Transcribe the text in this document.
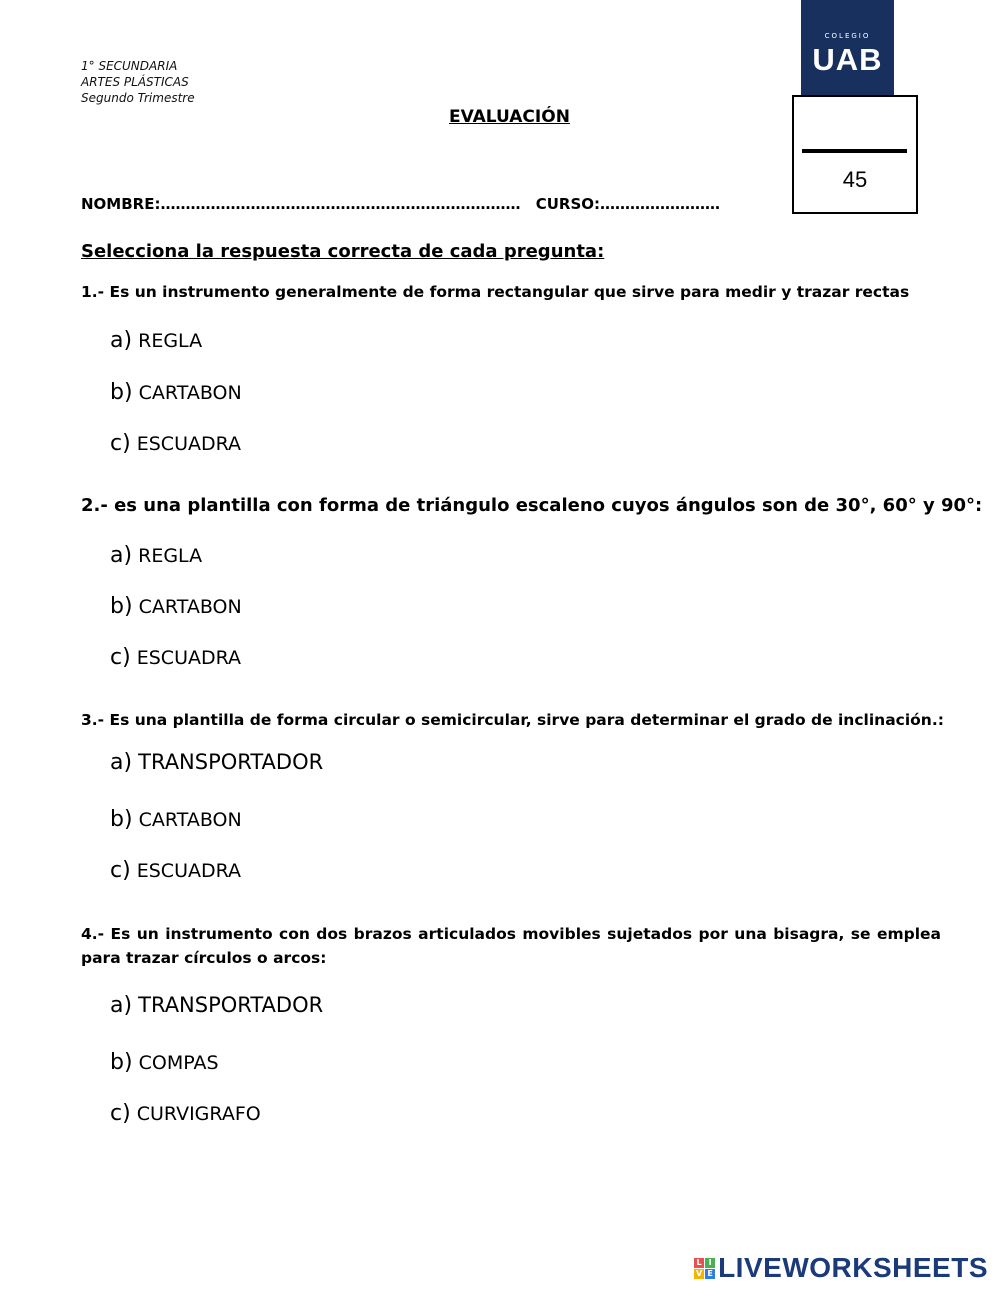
1° SECUNDARIA
ARTES PLÁSTICAS
Segundo Trimestre
EVALUACIÓN
COLEGIO
UAB
45
NOMBRE:……………………………………………………………… CURSO:……………………
Selecciona la respuesta correcta de cada pregunta:
1.- Es un instrumento generalmente de forma rectangular que sirve para medir y trazar rectas
a) REGLA
b) CARTABON
c) ESCUADRA
2.- es una plantilla con forma de triángulo escaleno cuyos ángulos son de 30°, 60° y 90°:
a) REGLA
b) CARTABON
c) ESCUADRA
3.- Es una plantilla de forma circular o semicircular, sirve para determinar el grado de inclinación.:
a) TRANSPORTADOR
b) CARTABON
c) ESCUADRA
4.- Es un instrumento con dos brazos articulados movibles sujetados por una bisagra, se emplea para trazar círculos o arcos:
a) TRANSPORTADOR
b) COMPAS
c) CURVIGRAFO
L I
V E LIVEWORKSHEETS
